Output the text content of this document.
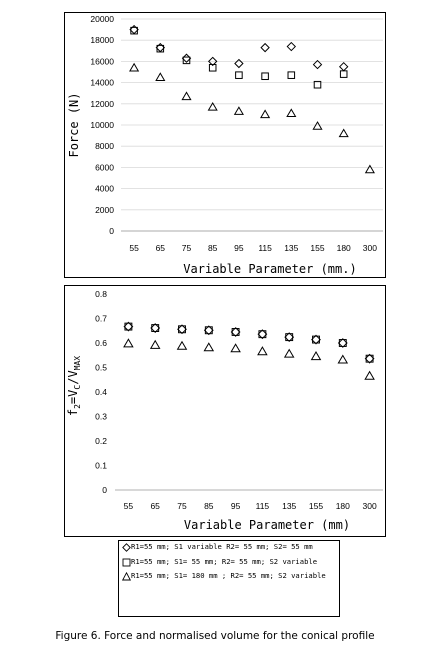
0
2000
4000
6000
8000
10000
12000
14000
16000
18000
20000
55 65 75 85 95 115 135 155 180 300
Variable Parameter (mm.)
Force (N)
0
0.1
0.2
0.3
0.4
0.5
0.6
0.7
0.8
55 65 75 85 95 115 135 155 180 300
Variable Parameter (mm)
$f_2=V_C/V_{MAX}$
R1=55 mm; S1 variable R2= 55 mm; S2= 55 mm
R1=55 mm; S1= 55 mm; R2= 55 mm; S2 variable
R1=55 mm; S1= 180 mm ; R2= 55 mm; S2 variable
Figure 6. Force and normalised volume for the conical profile
